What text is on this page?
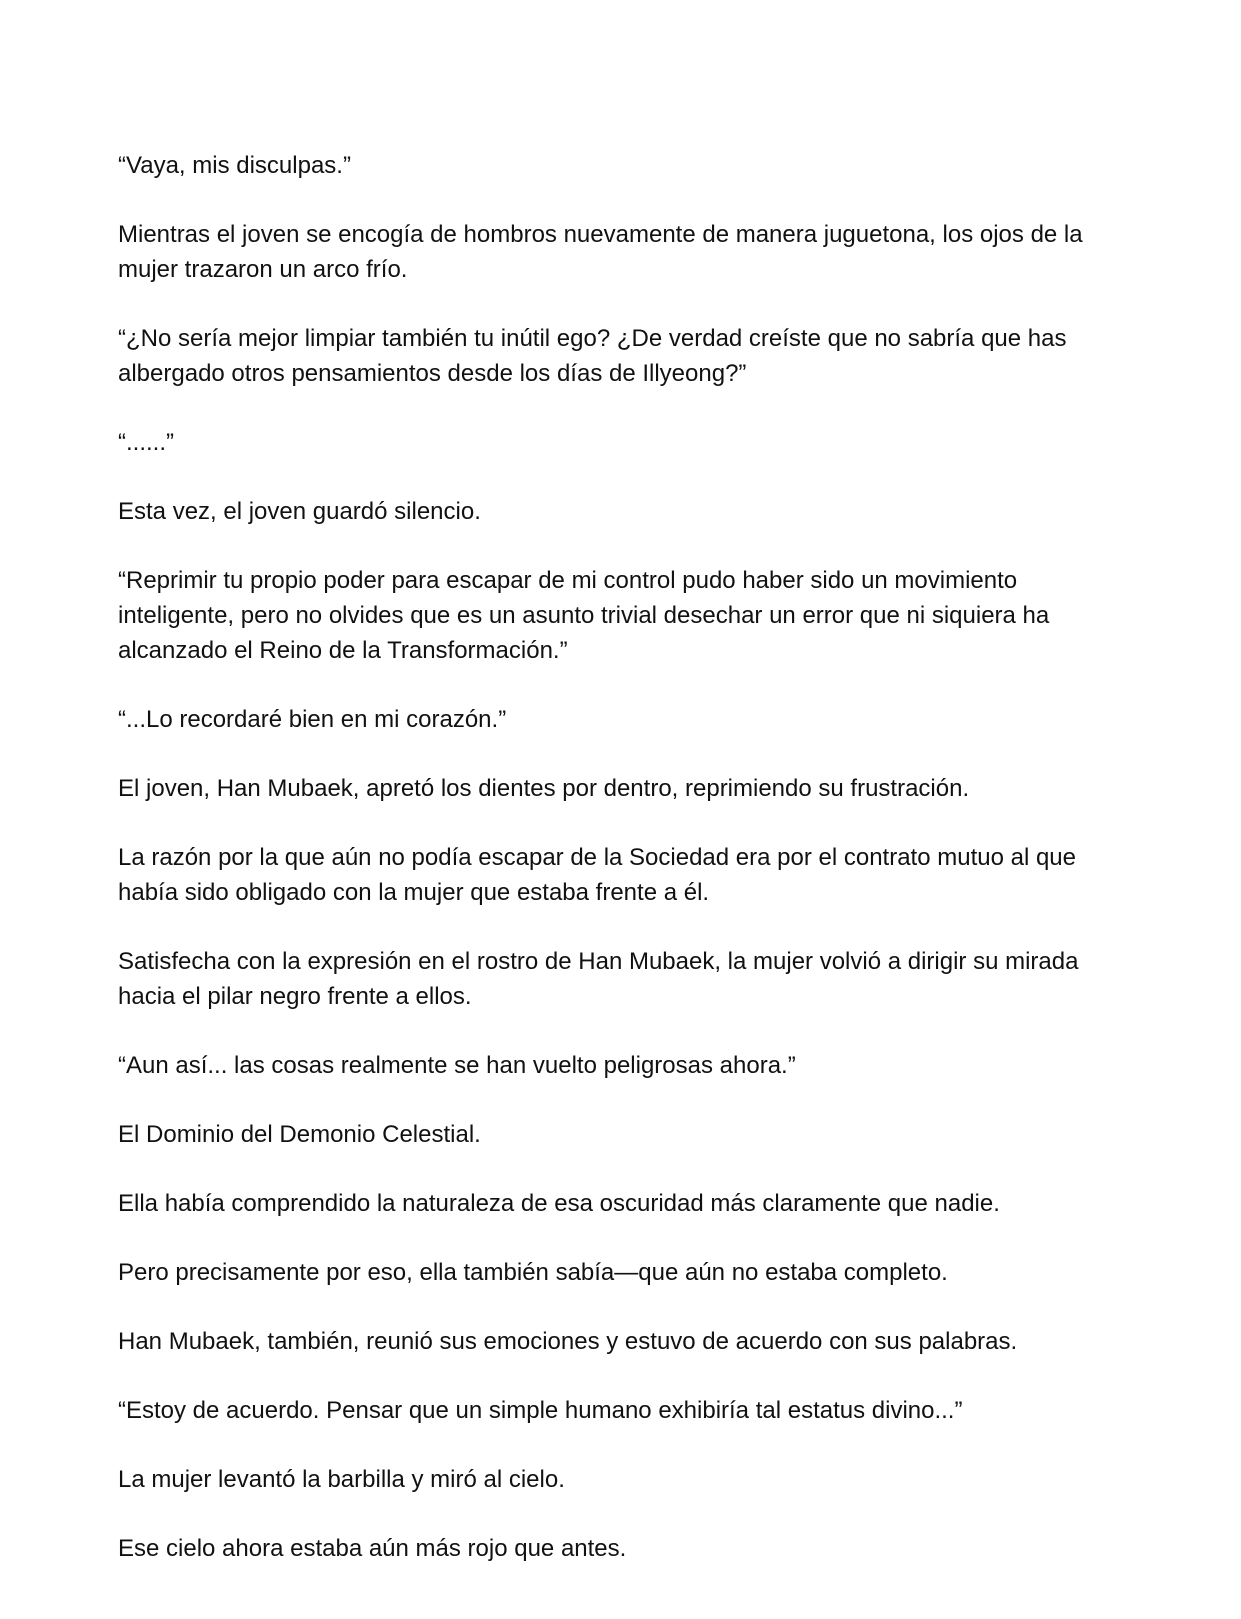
“Vaya, mis disculpas.”

Mientras el joven se encogía de hombros nuevamente de manera juguetona, los ojos de la mujer trazaron un arco frío.

“¿No sería mejor limpiar también tu inútil ego? ¿De verdad creíste que no sabría que has albergado otros pensamientos desde los días de Illyeong?”

“......”

Esta vez, el joven guardó silencio.

“Reprimir tu propio poder para escapar de mi control pudo haber sido un movimiento inteligente, pero no olvides que es un asunto trivial desechar un error que ni siquiera ha alcanzado el Reino de la Transformación.”

“...Lo recordaré bien en mi corazón.”

El joven, Han Mubaek, apretó los dientes por dentro, reprimiendo su frustración.

La razón por la que aún no podía escapar de la Sociedad era por el contrato mutuo al que había sido obligado con la mujer que estaba frente a él.

Satisfecha con la expresión en el rostro de Han Mubaek, la mujer volvió a dirigir su mirada hacia el pilar negro frente a ellos.

“Aun así... las cosas realmente se han vuelto peligrosas ahora.”

El Dominio del Demonio Celestial.

Ella había comprendido la naturaleza de esa oscuridad más claramente que nadie.

Pero precisamente por eso, ella también sabía—que aún no estaba completo.

Han Mubaek, también, reunió sus emociones y estuvo de acuerdo con sus palabras.

“Estoy de acuerdo. Pensar que un simple humano exhibiría tal estatus divino...”

La mujer levantó la barbilla y miró al cielo.

Ese cielo ahora estaba aún más rojo que antes.
